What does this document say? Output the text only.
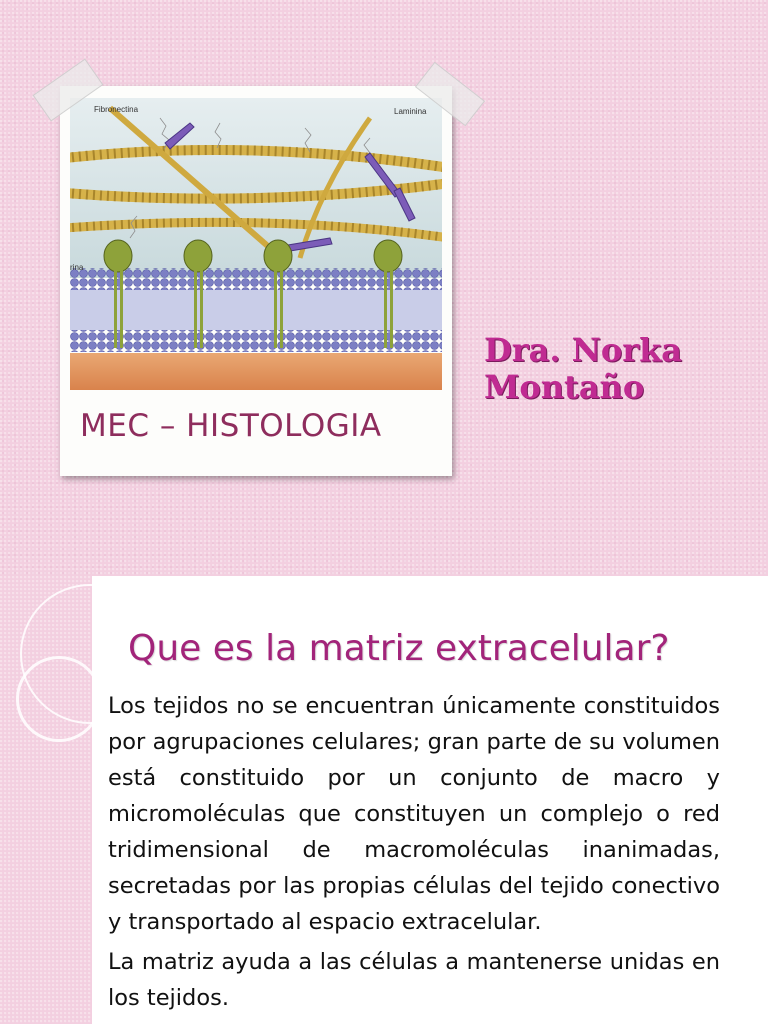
Fibronectina	Laminina
rina
MEC – HISTOLOGIA
Dra. Norka
Montaño
Que es la matriz extracelular?

Los tejidos no se encuentran únicamente constituidos por agrupaciones celulares; gran parte de su volumen está constituido por un conjunto de macro y micromoléculas que constituyen un complejo o red tridimensional de macromoléculas inanimadas, secretadas por las propias células del tejido conectivo y transportado al espacio extracelular.

La matriz ayuda a las células a mantenerse unidas en los tejidos.
